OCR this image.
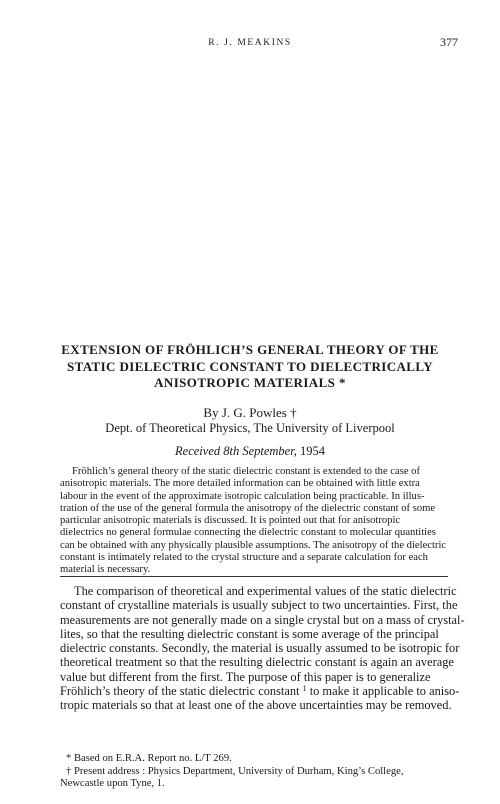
R. J. MEAKINS	377
EXTENSION OF FRÖHLICH’S GENERAL THEORY OF THE
STATIC DIELECTRIC CONSTANT TO DIELECTRICALLY
ANISOTROPIC MATERIALS *
By J. G. Powles †
Dept. of Theoretical Physics, The University of Liverpool
Received 8th September, 1954
Fröhlich’s general theory of the static dielectric constant is extended to the case of
anisotropic materials. The more detailed information can be obtained with little extra
labour in the event of the approximate isotropic calculation being practicable. In illus-
tration of the use of the general formula the anisotropy of the dielectric constant of some
particular anisotropic materials is discussed. It is pointed out that for anisotropic
dielectrics no general formulae connecting the dielectric constant to molecular quantities
can be obtained with any physically plausible assumptions. The anisotropy of the dielectric
constant is intimately related to the crystal structure and a separate calculation for each
material is necessary.
The comparison of theoretical and experimental values of the static dielectric
constant of crystalline materials is usually subject to two uncertainties. First, the
measurements are not generally made on a single crystal but on a mass of crystal-
lites, so that the resulting dielectric constant is some average of the principal
dielectric constants. Secondly, the material is usually assumed to be isotropic for
theoretical treatment so that the resulting dielectric constant is again an average
value but different from the first. The purpose of this paper is to generalize
Fröhlich’s theory of the static dielectric constant $^1$ to make it applicable to aniso-
tropic materials so that at least one of the above uncertainties may be removed.
* Based on E.R.A. Report no. L/T 269.
† Present address : Physics Department, University of Durham, King’s College,
Newcastle upon Tyne, 1.
